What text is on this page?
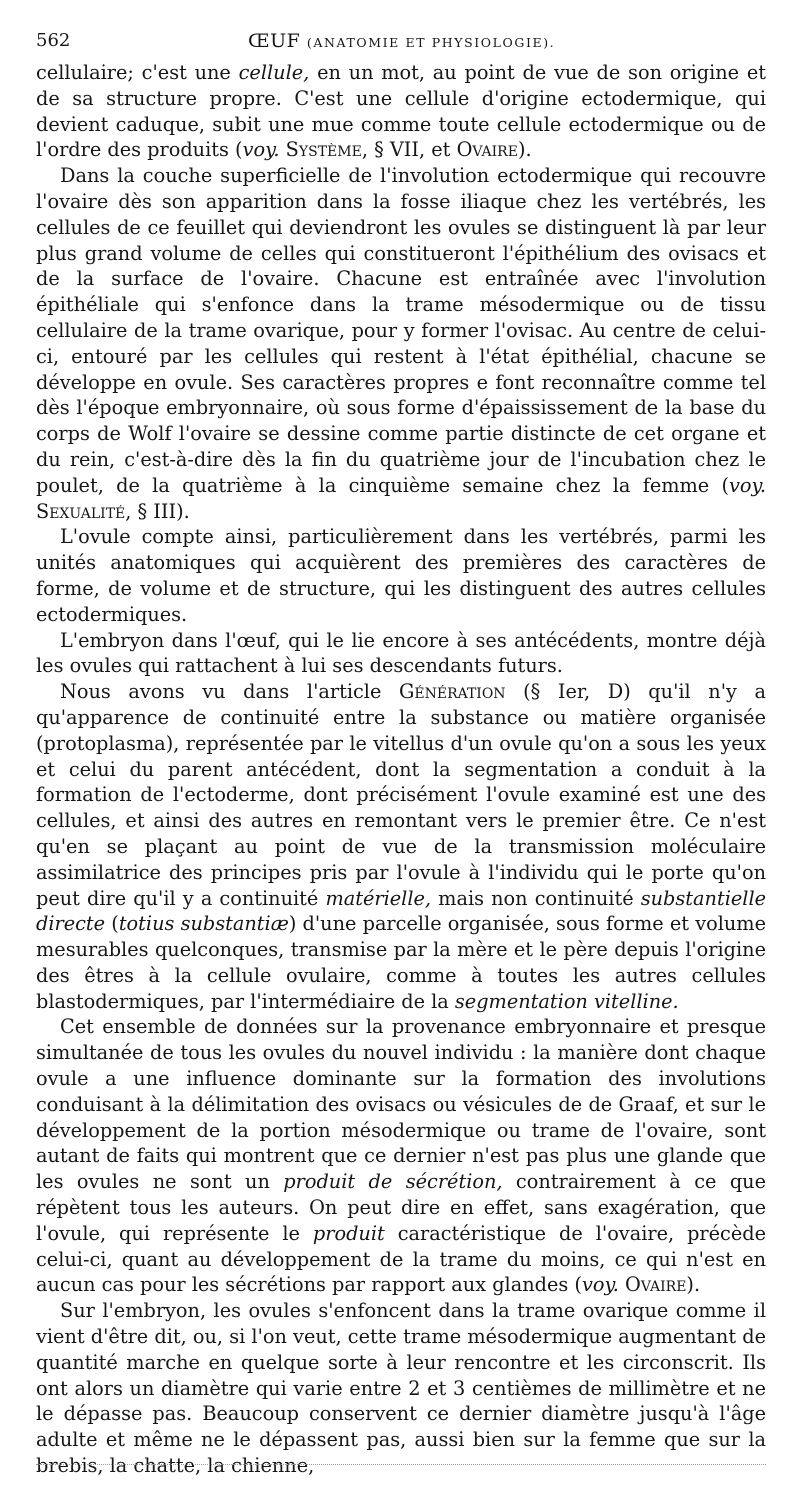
562	ŒUF (ANATOMIE ET PHYSIOLOGIE).

cellulaire; c'est une cellule, en un mot, au point de vue de son origine et de sa structure propre. C'est une cellule d'origine ectodermique, qui devient caduque, subit une mue comme toute cellule ectodermique ou de l'ordre des produits (voy. Système, § VII, et Ovaire).

Dans la couche superficielle de l'involution ectodermique qui recouvre l'ovaire dès son apparition dans la fosse iliaque chez les vertébrés, les cellules de ce feuillet qui deviendront les ovules se distinguent là par leur plus grand volume de celles qui constitueront l'épithélium des ovisacs et de la surface de l'ovaire. Chacune est entraînée avec l'involution épithéliale qui s'enfonce dans la trame mésodermique ou de tissu cellulaire de la trame ovarique, pour y former l'ovisac. Au centre de celui-ci, entouré par les cellules qui restent à l'état épithélial, chacune se développe en ovule. Ses caractères propres e font reconnaître comme tel dès l'époque embryonnaire, où sous forme d'épaississement de la base du corps de Wolf l'ovaire se dessine comme partie distincte de cet organe et du rein, c'est-à-dire dès la fin du quatrième jour de l'incubation chez le poulet, de la quatrième à la cinquième semaine chez la femme (voy. Sexualité, § III).

L'ovule compte ainsi, particulièrement dans les vertébrés, parmi les unités anatomiques qui acquièrent des premières des caractères de forme, de volume et de structure, qui les distinguent des autres cellules ectodermiques.

L'embryon dans l'œuf, qui le lie encore à ses antécédents, montre déjà les ovules qui rattachent à lui ses descendants futurs.

Nous avons vu dans l'article Génération (§ Ier, D) qu'il n'y a qu'apparence de continuité entre la substance ou matière organisée (protoplasma), représentée par le vitellus d'un ovule qu'on a sous les yeux et celui du parent antécédent, dont la segmentation a conduit à la formation de l'ectoderme, dont précisément l'ovule examiné est une des cellules, et ainsi des autres en remontant vers le premier être. Ce n'est qu'en se plaçant au point de vue de la transmission moléculaire assimilatrice des principes pris par l'ovule à l'individu qui le porte qu'on peut dire qu'il y a continuité matérielle, mais non continuité substantielle directe (totius substantiæ) d'une parcelle organisée, sous forme et volume mesurables quelconques, transmise par la mère et le père depuis l'origine des êtres à la cellule ovulaire, comme à toutes les autres cellules blastodermiques, par l'intermédiaire de la segmentation vitelline.

Cet ensemble de données sur la provenance embryonnaire et presque simultanée de tous les ovules du nouvel individu : la manière dont chaque ovule a une influence dominante sur la formation des involutions conduisant à la délimitation des ovisacs ou vésicules de de Graaf, et sur le développement de la portion mésodermique ou trame de l'ovaire, sont autant de faits qui montrent que ce dernier n'est pas plus une glande que les ovules ne sont un produit de sécrétion, contrairement à ce que répètent tous les auteurs. On peut dire en effet, sans exagération, que l'ovule, qui représente le produit caractéristique de l'ovaire, précède celui-ci, quant au développement de la trame du moins, ce qui n'est en aucun cas pour les sécrétions par rapport aux glandes (voy. Ovaire).

Sur l'embryon, les ovules s'enfoncent dans la trame ovarique comme il vient d'être dit, ou, si l'on veut, cette trame mésodermique augmentant de quantité marche en quelque sorte à leur rencontre et les circonscrit. Ils ont alors un diamètre qui varie entre 2 et 3 centièmes de millimètre et ne le dépasse pas. Beaucoup conservent ce dernier diamètre jusqu'à l'âge adulte et même ne le dépassent pas, aussi bien sur la femme que sur la brebis, la chatte, la chienne,
